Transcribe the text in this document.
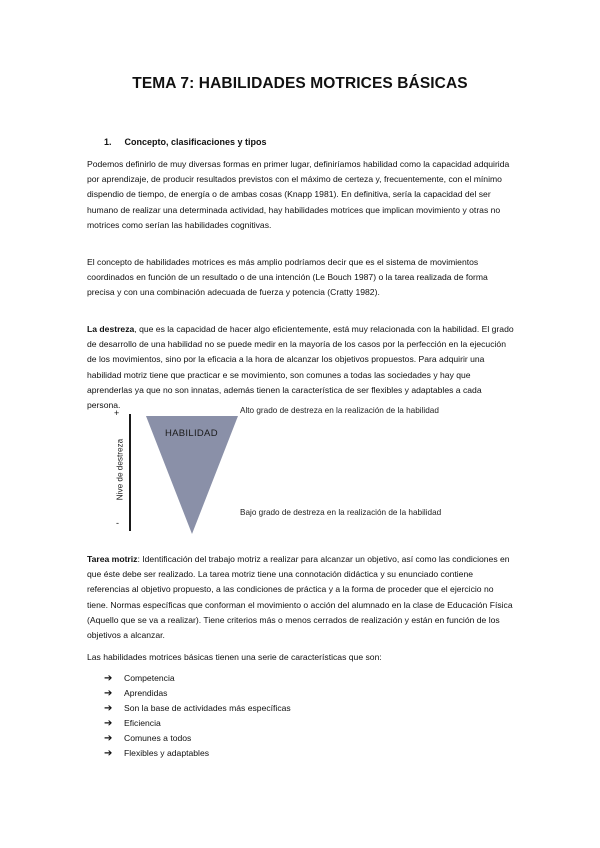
TEMA 7: HABILIDADES MOTRICES BÁSICAS
1. Concepto, clasificaciones y tipos
Podemos definirlo de muy diversas formas en primer lugar, definiríamos habilidad como la capacidad adquirida por aprendizaje, de producir resultados previstos con el máximo de certeza y, frecuentemente, con el mínimo dispendio de tiempo, de energía o de ambas cosas (Knapp 1981). En definitiva, sería la capacidad del ser humano de realizar una determinada actividad, hay habilidades motrices que implican movimiento y otras no motrices como serían las habilidades cognitivas.
El concepto de habilidades motrices es más amplio podríamos decir que es el sistema de movimientos coordinados en función de un resultado o de una intención (Le Bouch 1987) o la tarea realizada de forma precisa y con una combinación adecuada de fuerza y potencia (Cratty 1982).
La destreza, que es la capacidad de hacer algo eficientemente, está muy relacionada con la habilidad. El grado de desarrollo de una habilidad no se puede medir en la mayoría de los casos por la perfección en la ejecución de los movimientos, sino por la eficacia a la hora de alcanzar los objetivos propuestos. Para adquirir una habilidad motriz tiene que practicar e se movimiento, son comunes a todas las sociedades y hay que aprenderlas ya que no son innatas, además tienen la característica de ser flexibles y adaptables a cada persona.
+
Nive de destreza
-
HABILIDAD
Alto grado de destreza en la realización de la habilidad
Bajo grado de destreza en la realización de la habilidad
Tarea motriz: Identificación del trabajo motriz a realizar para alcanzar un objetivo, así como las condiciones en que éste debe ser realizado. La tarea motriz tiene una connotación didáctica y su enunciado contiene referencias al objetivo propuesto, a las condiciones de práctica y a la forma de proceder que el ejercicio no tiene. Normas específicas que conforman el movimiento o acción del alumnado en la clase de Educación Física (Aquello que se va a realizar). Tiene criterios más o menos cerrados de realización y están en función de los objetivos a alcanzar.
Las habilidades motrices básicas tienen una serie de características que son:
➔ Competencia
➔ Aprendidas
➔ Son la base de actividades más específicas
➔ Eficiencia
➔ Comunes a todos
➔ Flexibles y adaptables
